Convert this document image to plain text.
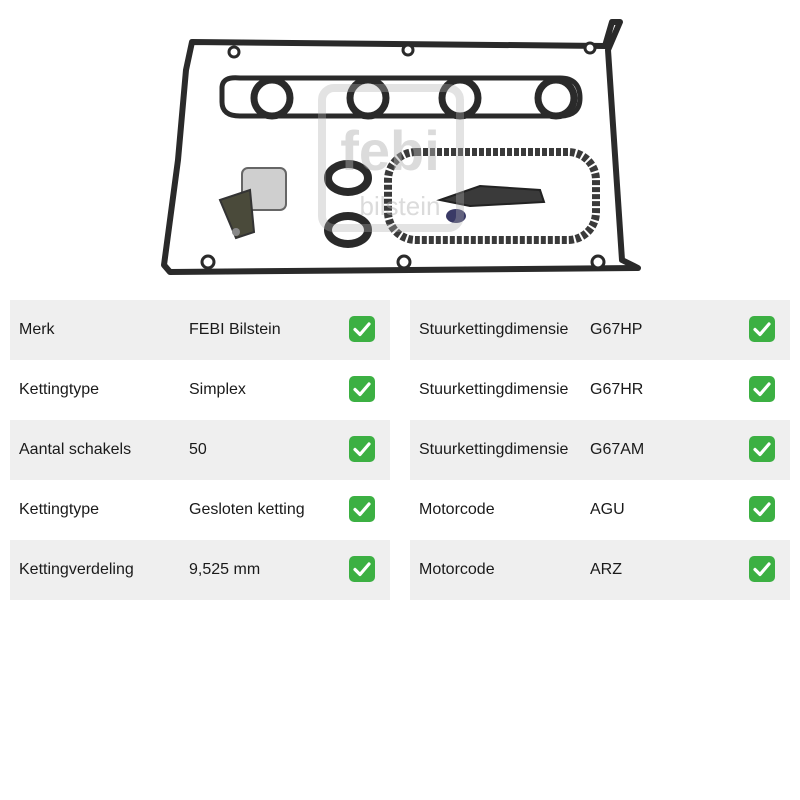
febi
bilstein
Merk	FEBI Bilstein
Kettingtype	Simplex
Aantal schakels	50
Kettingtype	Gesloten ketting
Kettingverdeling	9,525 mm
Stuurkettingdimensie G67HP
Stuurkettingdimensie G67HR
Stuurkettingdimensie G67AM
Motorcode	AGU
Motorcode	ARZ
